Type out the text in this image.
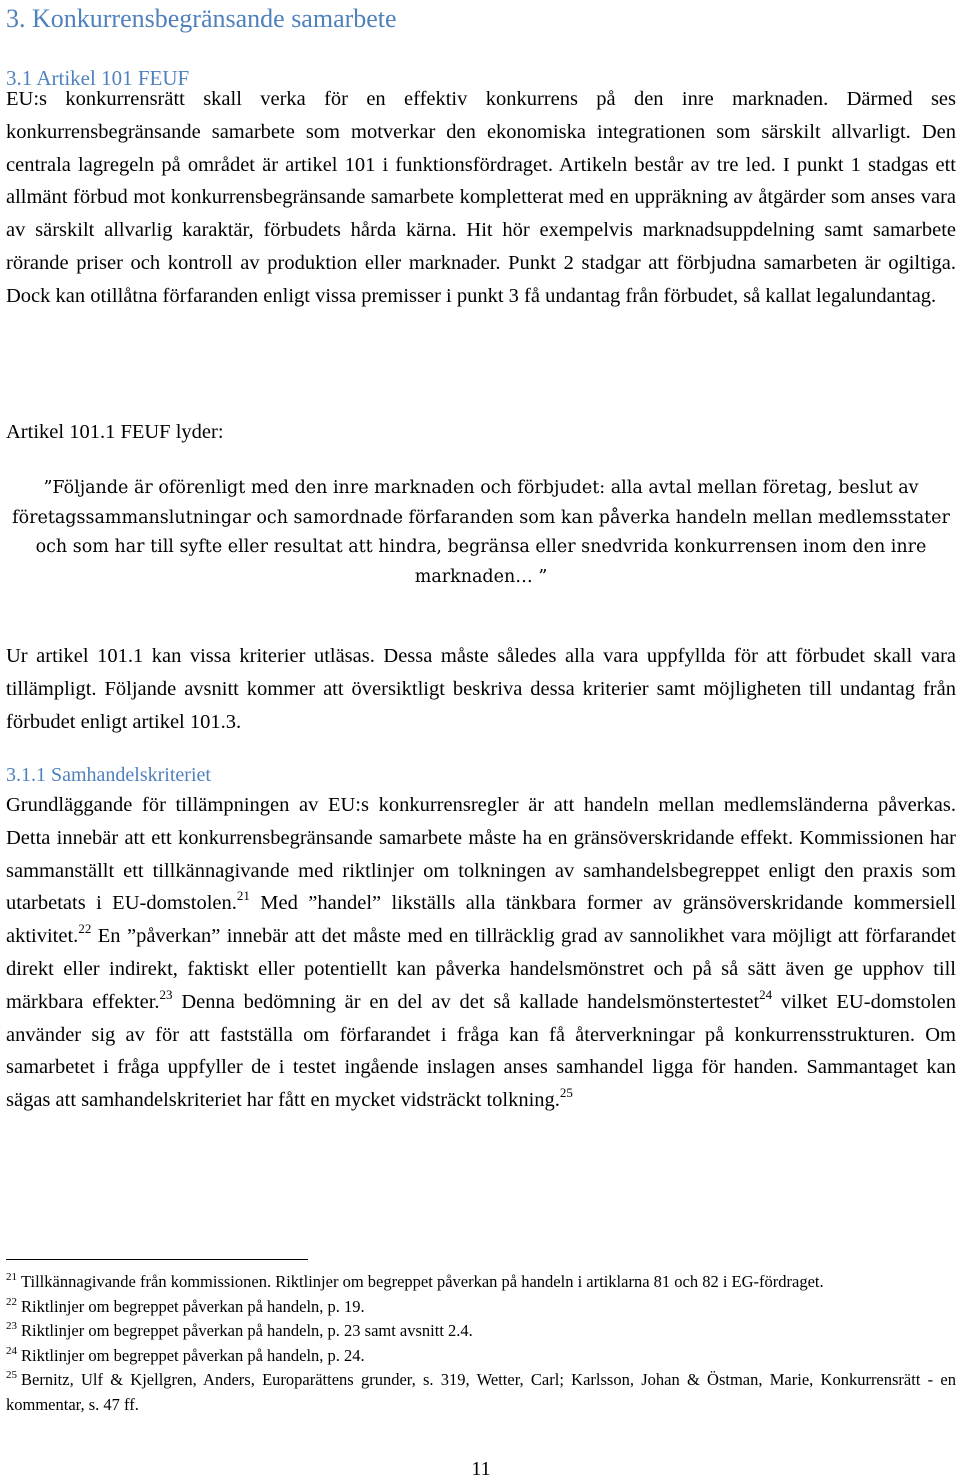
3. Konkurrensbegränsande samarbete
3.1 Artikel 101 FEUF

EU:s konkurrensrätt skall verka för en effektiv konkurrens på den inre marknaden. Därmed ses konkurrensbegränsande samarbete som motverkar den ekonomiska integrationen som särskilt allvarligt. Den centrala lagregeln på området är artikel 101 i funktionsfördraget. Artikeln består av tre led. I punkt 1 stadgas ett allmänt förbud mot konkurrensbegränsande samarbete kompletterat med en uppräkning av åtgärder som anses vara av särskilt allvarlig karaktär, förbudets hårda kärna. Hit hör exempelvis marknadsuppdelning samt samarbete rörande priser och kontroll av produktion eller marknader. Punkt 2 stadgar att förbjudna samarbeten är ogiltiga. Dock kan otillåtna förfaranden enligt vissa premisser i punkt 3 få undantag från förbudet, så kallat legalundantag.

Artikel 101.1 FEUF lyder:

”Följande är oförenligt med den inre marknaden och förbjudet: alla avtal mellan företag, beslut av företagssammanslutningar och samordnade förfaranden som kan påverka handeln mellan medlemsstater och som har till syfte eller resultat att hindra, begränsa eller snedvrida konkurrensen inom den inre marknaden… ”

Ur artikel 101.1 kan vissa kriterier utläsas. Dessa måste således alla vara uppfyllda för att förbudet skall vara tillämpligt. Följande avsnitt kommer att översiktligt beskriva dessa kriterier samt möjligheten till undantag från förbudet enligt artikel 101.3.

3.1.1 Samhandelskriteriet

Grundläggande för tillämpningen av EU:s konkurrensregler är att handeln mellan medlemsländerna påverkas. Detta innebär att ett konkurrensbegränsande samarbete måste ha en gränsöverskridande effekt. Kommissionen har sammanställt ett tillkännagivande med riktlinjer om tolkningen av samhandelsbegreppet enligt den praxis som utarbetats i EU-domstolen.$^{21}$ Med ”handel” likställs alla tänkbara former av gränsöverskridande kommersiell aktivitet.$^{22}$ En ”påverkan” innebär att det måste med en tillräcklig grad av sannolikhet vara möjligt att förfarandet direkt eller indirekt, faktiskt eller potentiellt kan påverka handelsmönstret och på så sätt även ge upphov till märkbara effekter.$^{23}$ Denna bedömning är en del av det så kallade handelsmönstertestet$^{24}$ vilket EU-domstolen använder sig av för att fastställa om förfarandet i fråga kan få återverkningar på konkurrensstrukturen. Om samarbetet i fråga uppfyller de i testet ingående inslagen anses samhandel ligga för handen. Sammantaget kan sägas att samhandelskriteriet har fått en mycket vidsträckt tolkning.$^{25}$

$^{21}$ Tillkännagivande från kommissionen. Riktlinjer om begreppet påverkan på handeln i artiklarna 81 och 82 i EG-fördraget.

$^{22}$ Riktlinjer om begreppet påverkan på handeln, p. 19.

$^{23}$ Riktlinjer om begreppet påverkan på handeln, p. 23 samt avsnitt 2.4.

$^{24}$ Riktlinjer om begreppet påverkan på handeln, p. 24.

$^{25}$ Bernitz, Ulf & Kjellgren, Anders, Europarättens grunder, s. 319, Wetter, Carl; Karlsson, Johan & Östman, Marie, Konkurrensrätt - en kommentar, s. 47 ff.

11
